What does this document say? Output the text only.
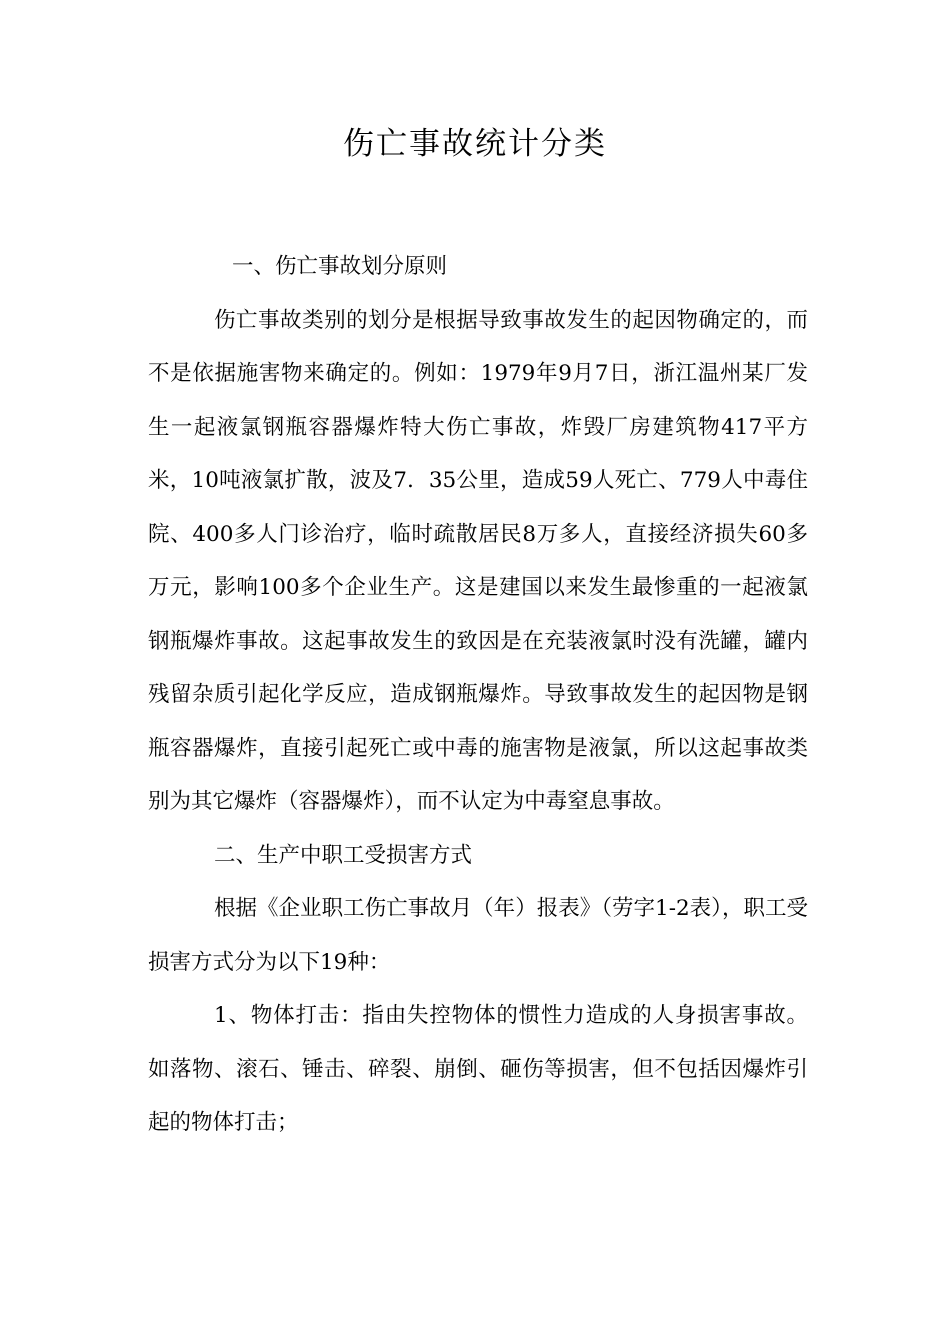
伤亡事故统计分类

一、伤亡事故划分原则

伤亡事故类别的划分是根据导致事故发生的起因物确定的，而不是依据施害物来确定的。例如：1979年9月7日，浙江温州某厂发生一起液氯钢瓶容器爆炸特大伤亡事故，炸毁厂房建筑物417平方米，10吨液氯扩散，波及7．35公里，造成59人死亡、779人中毒住院、400多人门诊治疗，临时疏散居民8万多人，直接经济损失60多万元，影响100多个企业生产。这是建国以来发生最惨重的一起液氯钢瓶爆炸事故。这起事故发生的致因是在充装液氯时没有洗罐，罐内残留杂质引起化学反应，造成钢瓶爆炸。导致事故发生的起因物是钢瓶容器爆炸，直接引起死亡或中毒的施害物是液氯，所以这起事故类别为其它爆炸（容器爆炸），而不认定为中毒窒息事故。

二、生产中职工受损害方式

根据《企业职工伤亡事故月（年）报表》（劳字1-2表），职工受损害方式分为以下19种：

1、物体打击：指由失控物体的惯性力造成的人身损害事故。如落物、滚石、锤击、碎裂、崩倒、砸伤等损害，但不包括因爆炸引起的物体打击；
